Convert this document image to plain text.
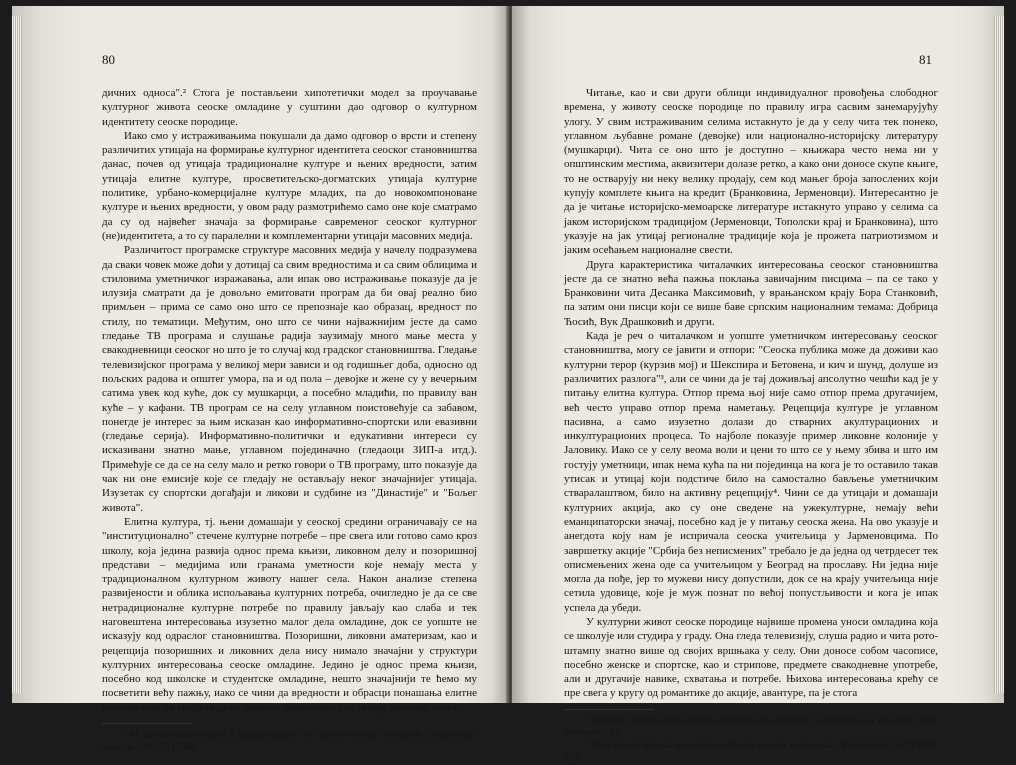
80

дичних односа".² Стога је постављени хипотетички модел за проучавање културног живота сеоске омладине у суштини дао одговор о културном идентитету сеоске породице.

Иако смо у истраживањима покушали да дамо одговор о врсти и степену различитих утицаја на формирање културног идентитета сеоског становништва данас, почев од утицаја традиционалне културе и њених вредности, затим утицаја елитне културе, просветитељско-догматских утицаја културне политике, урбано-комерцијалне културе младих, па до новокомпоноване културе и њених вредности, у овом раду размотрићемо само оне које сматрамо да су од највећег значаја за формирање савременог сеоског културног (не)идентитета, а то су паралелни и комплементарни утицаји масовних медија.

Различитост програмске структуре масовних медија у начелу подразумева да сваки човек може доћи у дотицај са свим вредностима и са свим облицима и стиловима уметничког изражавања, али ипак ово истраживање показује да је илузија сматрати да је довољно емитовати програм да би овај реално био примљен – прима се само оно што се препознаје као образац, вредност по стилу, по тематици. Међутим, оно што се чини најважнијим јесте да само гледање ТВ програма и слушање радија заузимају много мање места у свакодневници сеоског но што је то случај код градског становништва. Гледање телевизијског програма у великој мери зависи и од годишњег доба, односно од пољских радова и општег умора, па и од пола – девојке и жене су у вечерњим сатима увек код куће, док су мушкарци, а посебно младићи, по правилу ван куће – у кафани. ТВ програм се на селу углавном поистовећује са забавом, понегде је интерес за њим исказан као информативно-спортски или евазивни (гледање серија). Информативно-политички и едукативни интереси су исказивани знатно мање, углавном појединачно (гледаоци ЗИП-а итд.). Примећује се да се на селу мало и ретко говори о ТВ програму, што показује да чак ни оне емисије које се гледају не остављају неког значајнијег утицаја. Изузетак су спортски догађаји и ликови и судбине из "Династије" и "Бољег живота".

Елитна култура, тј. њени домашаји у сеоској средини ограничавају се на "институционално" стечене културне потребе – пре свега или готово само кроз школу, која једина развија однос према књизи, ликовном делу и позоришној представи – медијима или гранама уметности које немају места у традиционалном културном животу нашег села. Након анализе степена развијености и облика испољавања културних потреба, очигледно је да се све нетрадиционалне културне потребе по правилу јављају као слаба и тек наговештена интересовања изузетно малог дела омладине, док се уопште не исказују код одраслог становништва. Позоришни, ликовни аматеризам, као и рецепција позоришних и ликовних дела нису нимало значајни у структури културних интересовања сеоске омладине. Једино је однос према књизи, посебно код школске и студентске омладине, нешто значајнији те ћемо му посветити већу пажњу, иако се чини да вредности и обрасци понашања елитне културе који би требало да се преносе преко школе не играју значајну улогу.

² М. Драгићевић-Шешић, Свакодневица и стил живота сеоске омладине, Социологија села, бр. 101/102 / 1988.

81

Читање, као и сви други облици индивидуалног провођења слободног времена, у животу сеоске породице по правилу игра сасвим занемарујућу улогу. У свим истраживаним селима истакнуто је да у селу чита тек понеко, углавном љубавне романе (девојке) или национално-историјску литературу (мушкарци). Чита се оно што је доступно – књижара често нема ни у општинским местима, аквизитери долазе ретко, а како они доносе скупе књиге, то не остварују ни неку велику продају, сем код мањег броја запослених који купују комплете књига на кредит (Бранковина, Јерменовци). Интересантно је да је читање историјско-мемоарске литературе истакнуто управо у селима са јаком историјском традицијом (Јерменовци, Тополски крај и Бранковина), што указује на јак утицај регионалне традиције која је прожета патриотизмом и јаким осећањем националне свести.

Друга карактеристика читалачких интересовања сеоског становништва јесте да се знатно већа пажња поклања завичајним писцима – па се тако у Бранковини чита Десанка Максимовић, у врањанском крају Бора Станковић, па затим они писци који се више баве српским националним темама: Добрица Ћосић, Вук Драшковић и други.

Када је реч о читалачком и уопште уметничком интересовању сеоског становништва, могу се јавити и отпори: "Сеоска публика може да доживи као културни терор (курзив мој) и Шекспира и Бетовена, и кич и шунд, долуше из различитих разлога"³, али се чини да је тај доживљај апсолутно чешћи кад је у питању елитна култура. Отпор према њој није само отпор према другачијем, већ често управо отпор према наметању. Рецепција културе је углавном пасивна, а само изузетно долази до стварних акултурационих и инкултурационих процеса. То најболе показује пример ликовне колоније у Јаловику. Иако се у селу веома воли и цени то што се у њему збива и што им гостују уметници, ипак нема кућа па ни појединца на кога је то оставило такав утисак и утицај који подстиче било на самостално бављење уметничким стваралаштвом, било на активну рецепцију⁴. Чини се да утицаји и домашаји културних акција, ако су оне сведене на ужекултурне, немају већи еманципаторски значај, посебно кад је у питању сеоска жена. На ово указује и анегдота коју нам је испричала сеоска учитељица у Јарменовцима. По завршетку акције "Србија без неписмених" требало је да једна од четрдесет тек описмењених жена оде са учитељицом у Београд на прославу. Ни једна није могла да пође, јер то мужеви нису допустили, док се на крају учитељица није сетила удовице, које је муж познат по већој попустљивости и кога је ипак успела да убеди.

У културни живот сеоске породице највише промена уноси омладина која се школује или студира у граду. Она гледа телевизију, слуша радио и чита рото-штампу знатно више од својих вршњака у селу. Они доносе собом часописе, посебно женске и спортске, као и стрипове, предмете свакодневне употребе, али и другачије навике, схватања и потребе. Њихова интересовања крећу се пре свега у кругу од романтике до акције, авантуре, па је стога

³ Младен Стојанов, Нека питања културе села, реферат за саветовање у Врднику, 1985, умножено, 27.

⁴ Маја Корађ, Верски празници и обичаји младих из Јаловика, Култура бр. 78-79/1987, 153.
